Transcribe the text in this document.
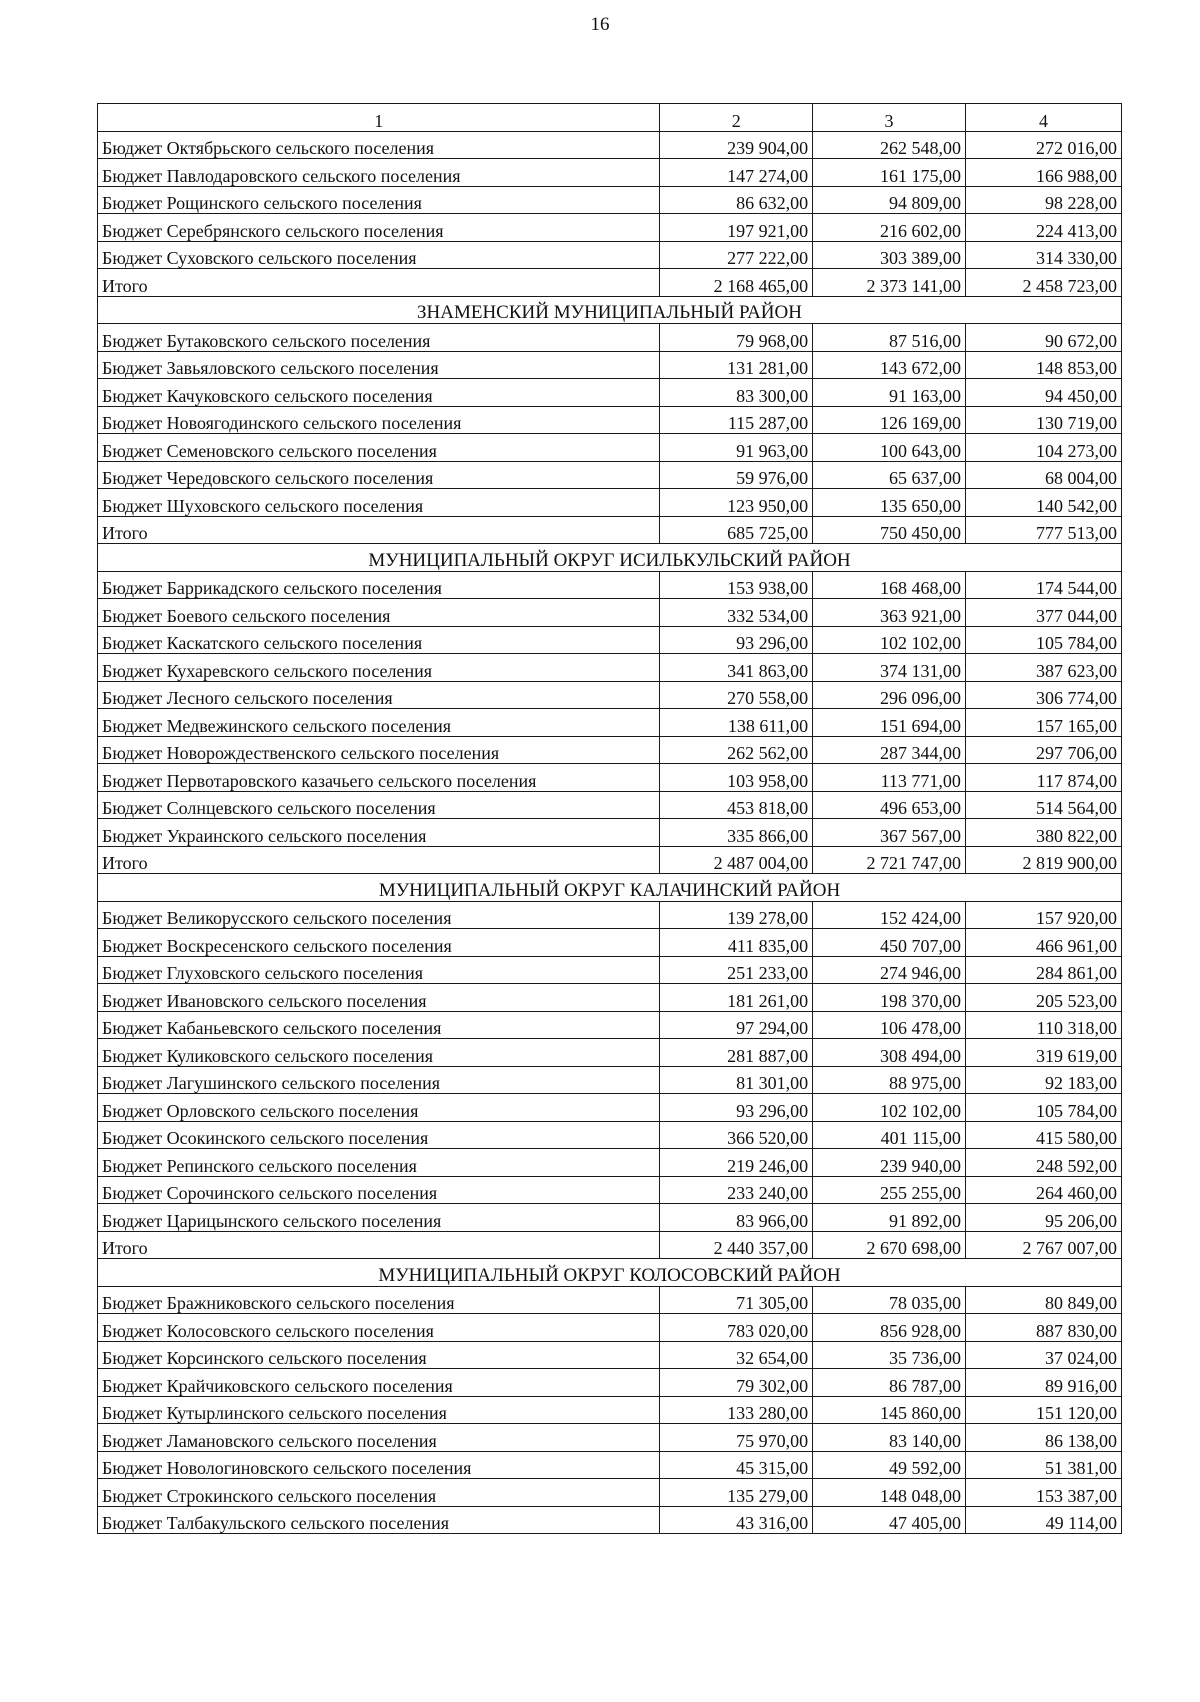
16
1	2	3	4
Бюджет Октябрьского сельского поселения	239 904,00	262 548,00	272 016,00
Бюджет Павлодаровского сельского поселения	147 274,00	161 175,00	166 988,00
Бюджет Рощинского сельского поселения	86 632,00	94 809,00	98 228,00
Бюджет Серебрянского сельского поселения	197 921,00	216 602,00	224 413,00
Бюджет Суховского сельского поселения	277 222,00	303 389,00	314 330,00
Итого	2 168 465,00	2 373 141,00	2 458 723,00
ЗНАМЕНСКИЙ МУНИЦИПАЛЬНЫЙ РАЙОН			
Бюджет Бутаковского сельского поселения	79 968,00	87 516,00	90 672,00
Бюджет Завьяловского сельского поселения	131 281,00	143 672,00	148 853,00
Бюджет Качуковского сельского поселения	83 300,00	91 163,00	94 450,00
Бюджет Новоягодинского сельского поселения	115 287,00	126 169,00	130 719,00
Бюджет Семеновского сельского поселения	91 963,00	100 643,00	104 273,00
Бюджет Чередовского сельского поселения	59 976,00	65 637,00	68 004,00
Бюджет Шуховского сельского поселения	123 950,00	135 650,00	140 542,00
Итого	685 725,00	750 450,00	777 513,00
МУНИЦИПАЛЬНЫЙ ОКРУГ ИСИЛЬКУЛЬСКИЙ РАЙОН			
Бюджет Баррикадского сельского поселения	153 938,00	168 468,00	174 544,00
Бюджет Боевого сельского поселения	332 534,00	363 921,00	377 044,00
Бюджет Каскатского сельского поселения	93 296,00	102 102,00	105 784,00
Бюджет Кухаревского сельского поселения	341 863,00	374 131,00	387 623,00
Бюджет Лесного сельского поселения	270 558,00	296 096,00	306 774,00
Бюджет Медвежинского сельского поселения	138 611,00	151 694,00	157 165,00
Бюджет Новорождественского сельского поселения	262 562,00	287 344,00	297 706,00
Бюджет Первотаровского казачьего сельского поселения	103 958,00	113 771,00	117 874,00
Бюджет Солнцевского сельского поселения	453 818,00	496 653,00	514 564,00
Бюджет Украинского сельского поселения	335 866,00	367 567,00	380 822,00
Итого	2 487 004,00	2 721 747,00	2 819 900,00
МУНИЦИПАЛЬНЫЙ ОКРУГ КАЛАЧИНСКИЙ РАЙОН			
Бюджет Великорусского сельского поселения	139 278,00	152 424,00	157 920,00
Бюджет Воскресенского сельского поселения	411 835,00	450 707,00	466 961,00
Бюджет Глуховского сельского поселения	251 233,00	274 946,00	284 861,00
Бюджет Ивановского сельского поселения	181 261,00	198 370,00	205 523,00
Бюджет Кабаньевского сельского поселения	97 294,00	106 478,00	110 318,00
Бюджет Куликовского сельского поселения	281 887,00	308 494,00	319 619,00
Бюджет Лагушинского сельского поселения	81 301,00	88 975,00	92 183,00
Бюджет Орловского сельского поселения	93 296,00	102 102,00	105 784,00
Бюджет Осокинского сельского поселения	366 520,00	401 115,00	415 580,00
Бюджет Репинского сельского поселения	219 246,00	239 940,00	248 592,00
Бюджет Сорочинского сельского поселения	233 240,00	255 255,00	264 460,00
Бюджет Царицынского сельского поселения	83 966,00	91 892,00	95 206,00
Итого	2 440 357,00	2 670 698,00	2 767 007,00
МУНИЦИПАЛЬНЫЙ ОКРУГ КОЛОСОВСКИЙ РАЙОН			
Бюджет Бражниковского сельского поселения	71 305,00	78 035,00	80 849,00
Бюджет Колосовского сельского поселения	783 020,00	856 928,00	887 830,00
Бюджет Корсинского сельского поселения	32 654,00	35 736,00	37 024,00
Бюджет Крайчиковского сельского поселения	79 302,00	86 787,00	89 916,00
Бюджет Кутырлинского сельского поселения	133 280,00	145 860,00	151 120,00
Бюджет Ламановского сельского поселения	75 970,00	83 140,00	86 138,00
Бюджет Новологиновского сельского поселения	45 315,00	49 592,00	51 381,00
Бюджет Строкинского сельского поселения	135 279,00	148 048,00	153 387,00
Бюджет Талбакульского сельского поселения	43 316,00	47 405,00	49 114,00
